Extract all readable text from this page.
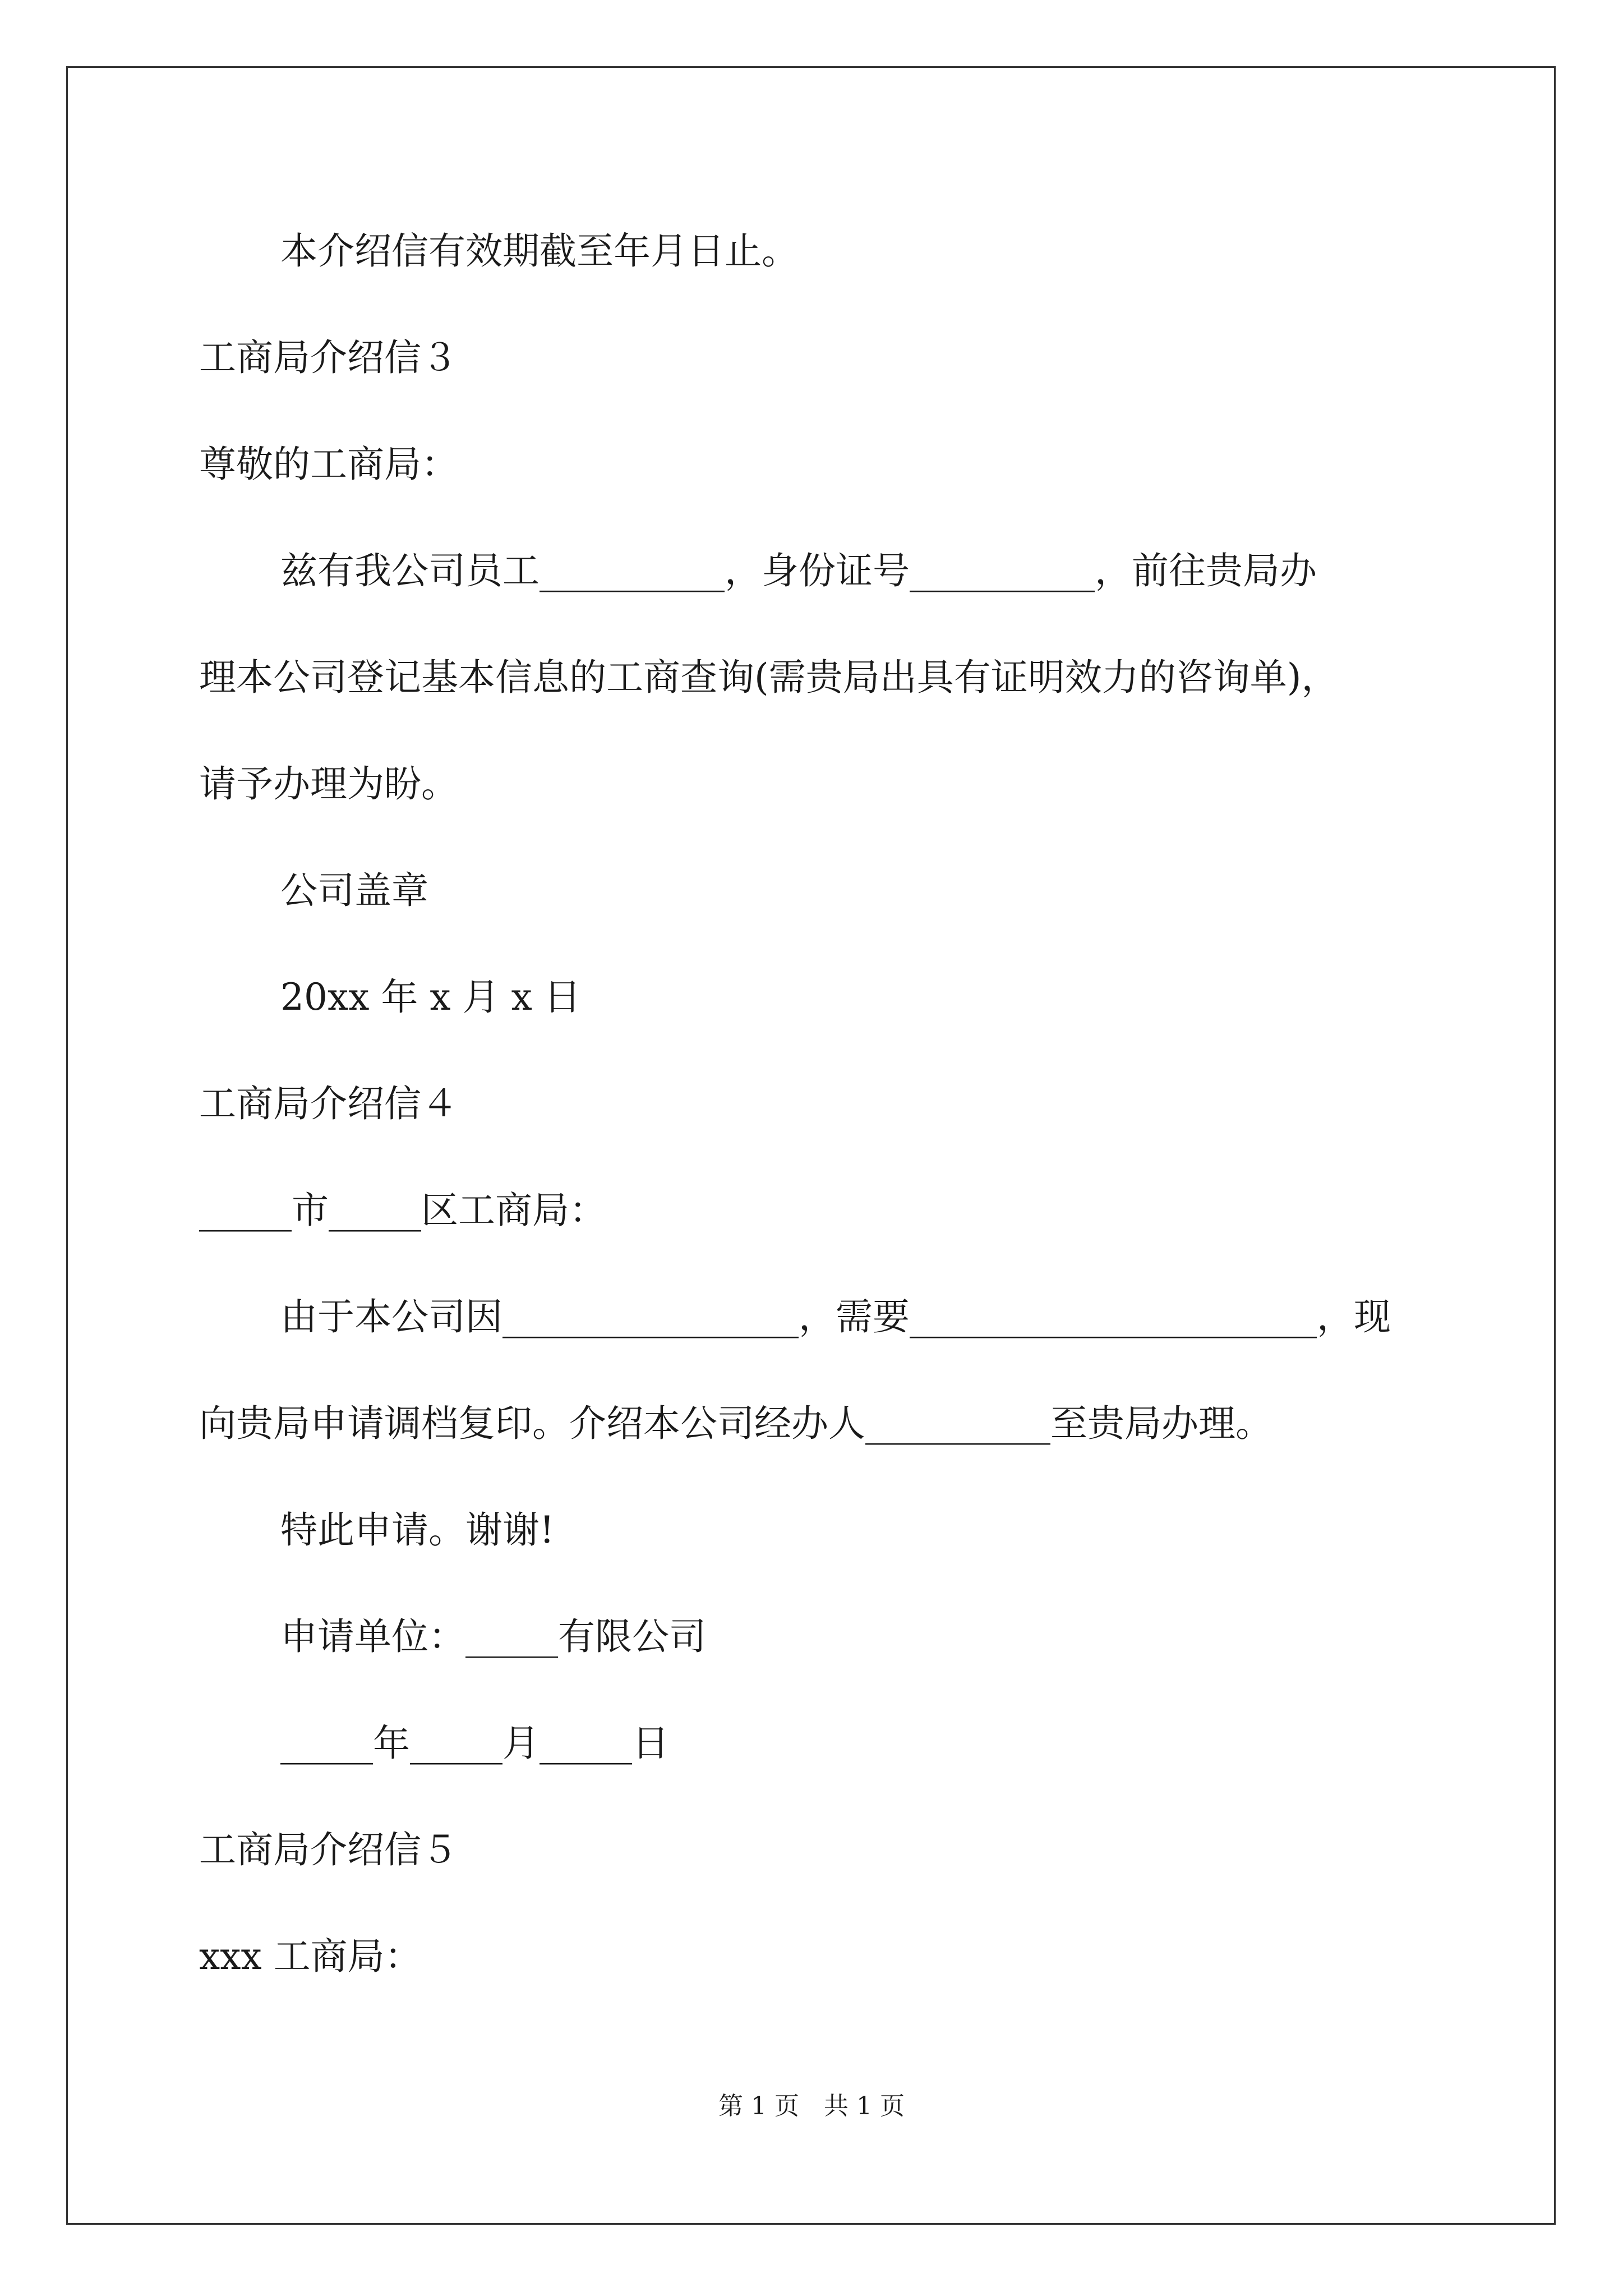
本介绍信有效期截至年月日止。
工商局介绍信３
尊敬的工商局：
兹有我公司员工__________，身份证号__________，前往贵局办
理本公司登记基本信息的工商查询(需贵局出具有证明效力的咨询单)，
请予办理为盼。
公司盖章
20xx 年 x 月 x 日
工商局介绍信４
_____市_____区工商局：
由于本公司因________________，需要______________________，现
向贵局申请调档复印。介绍本公司经办人__________至贵局办理。
特此申请。谢谢!
申请单位：_____有限公司
_____年_____月_____日
工商局介绍信５
xxx 工商局：
第 1 页　共 1 页
